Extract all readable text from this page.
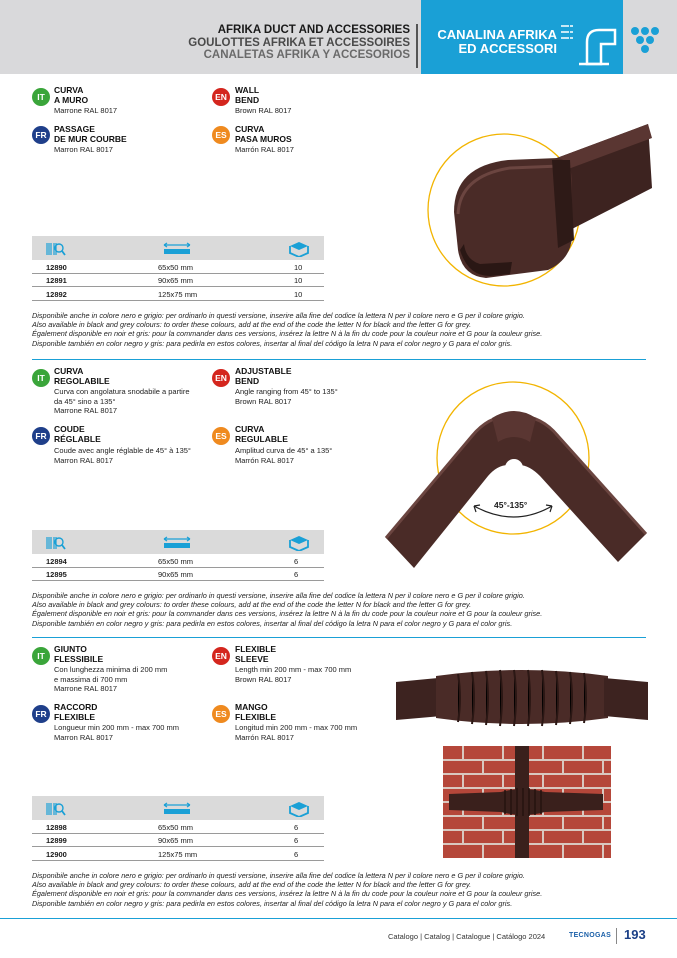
AFRIKA DUCT AND ACCESSORIES
GOULOTTES AFRIKA ET ACCESSOIRES
CANALETAS AFRIKA Y ACCESORIOS
CANALINA AFRIKA
ED ACCESSORI
IT
CURVA
A MURO
Marrone RAL 8017
FR
PASSAGE
DE MUR COURBE
Marron RAL 8017
EN
WALL
BEND
Brown RAL 8017
ES
CURVA
PASA MUROS
Marrón RAL 8017
12890	65x50 mm	10
12891	90x65 mm	10
12892	125x75 mm	10
Disponibile anche in colore nero e grigio: per ordinarlo in questi versione, inserire alla fine del codice la lettera N per il colore nero e G per il colore grigio.
Also available in black and grey colours: to order these colours, add at the end of the code the letter N for black and the letter G for grey.
Également disponible en noir et gris: pour la commander dans ces versions, insérez la lettre N à la fin du code pour la couleur noire et G pour la couleur grise.
Disponible también en color negro y gris: para pedirla en estos colores, insertar al final del código la letra N para el color negro y G para el color gris.
IT
CURVA
REGOLABILE
Curva con angolatura snodabile a partire
da 45° sino a 135°
Marrone RAL 8017
FR
COUDE
RÉGLABLE
Coude avec angle réglable de 45° à 135°
Marron RAL 8017
EN
ADJUSTABLE
BEND
Angle ranging from 45° to 135°
Brown RAL 8017
ES
CURVA
REGULABLE
Amplitud curva de 45° a 135°
Marrón RAL 8017
45°-135°
12894	65x50 mm	6
12895	90x65 mm	6
Disponibile anche in colore nero e grigio: per ordinarlo in questi versione, inserire alla fine del codice la lettera N per il colore nero e G per il colore grigio.
Also available in black and grey colours: to order these colours, add at the end of the code the letter N for black and the letter G for grey.
Également disponible en noir et gris: pour la commander dans ces versions, insérez la lettre N à la fin du code pour la couleur noire et G pour la couleur grise.
Disponible también en color negro y gris: para pedirla en estos colores, insertar al final del código la letra N para el color negro y G para el color gris.
IT
GIUNTO
FLESSIBILE
Con lunghezza minima di 200 mm
e massima di 700 mm
Marrone RAL 8017
FR
RACCORD
FLEXIBLE
Longueur min 200 mm - max 700 mm
Marron RAL 8017
EN
FLEXIBLE
SLEEVE
Length min 200 mm - max 700 mm
Brown RAL 8017
ES
MANGO
FLEXIBLE
Longitud min 200 mm - max 700 mm
Marrón RAL 8017
12898	65x50 mm	6
12899	90x65 mm	6
12900	125x75 mm	6
Disponibile anche in colore nero e grigio: per ordinarlo in questi versione, inserire alla fine del codice la lettera N per il colore nero e G per il colore grigio.
Also available in black and grey colours: to order these colours, add at the end of the code the letter N for black and the letter G for grey.
Également disponible en noir et gris: pour la commander dans ces versions, insérez la lettre N à la fin du code pour la couleur noire et G pour la couleur grise.
Disponible también en color negro y gris: para pedirla en estos colores, insertar al final del código la letra N para el color negro y G para el color gris.
Catalogo | Catalog | Catalogue | Catálogo 2024	TECNOGAS 193
